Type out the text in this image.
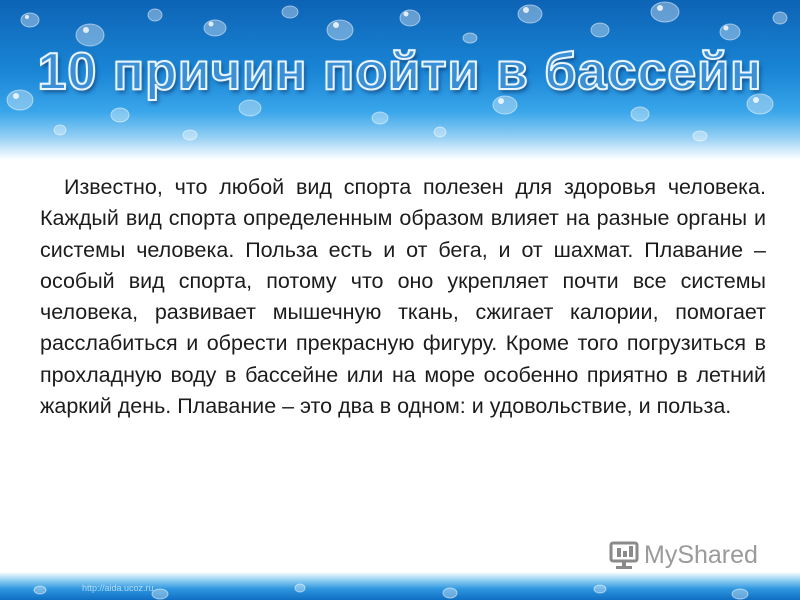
10 причин пойти в бассейн
Известно, что любой вид спорта полезен для здоровья человека. Каждый вид спорта определенным образом влияет на разные органы и системы человека. Польза есть и от бега, и от шахмат. Плавание – особый вид спорта, потому что оно укрепляет почти все системы человека, развивает мышечную ткань, сжигает калории, помогает расслабиться и обрести прекрасную фигуру. Кроме того погрузиться в прохладную воду в бассейне или на море особенно приятно в летний жаркий день. Плавание – это два в одном: и удовольствие, и польза.
MyShared
http://aida.ucoz.ru
